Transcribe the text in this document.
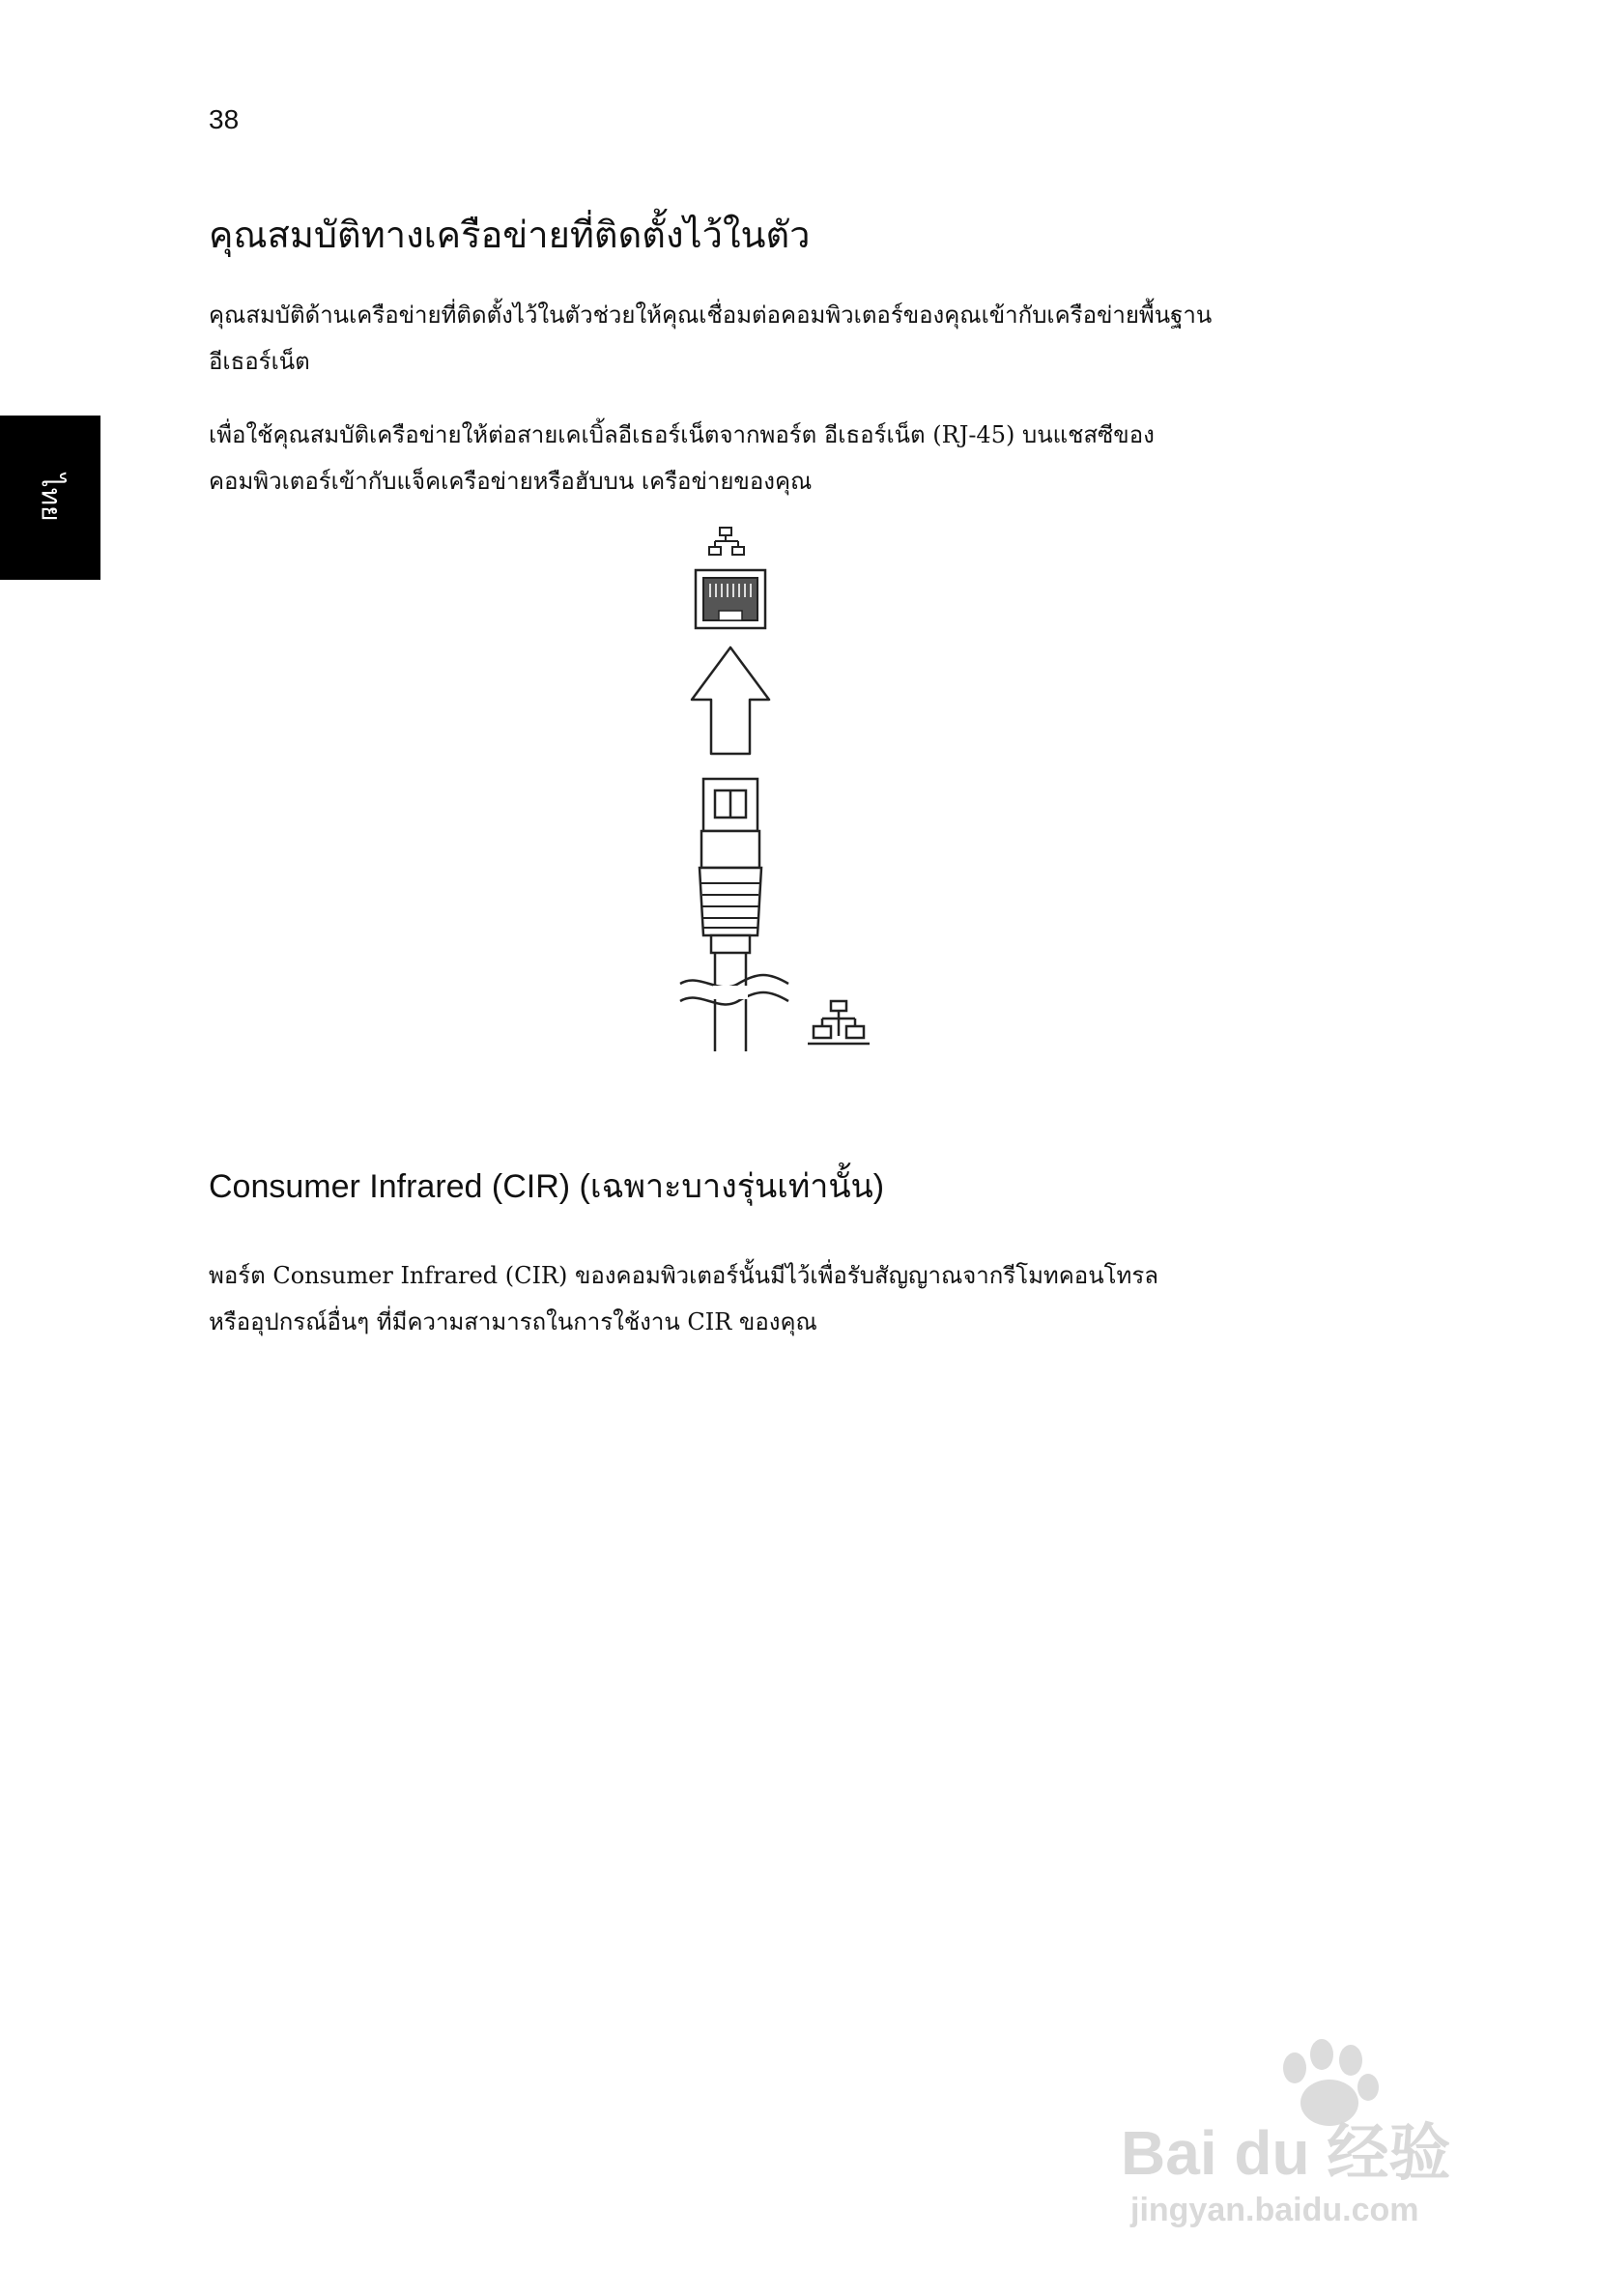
38
ไทย
คุณสมบัติทางเครือข่ายที่ติดตั้งไว้ในตัว
คุณสมบัติด้านเครือข่ายที่ติดตั้งไว้ในตัวช่วยให้คุณเชื่อมต่อคอมพิวเตอร์ของคุณเข้ากับเครือข่ายพื้นฐาน
อีเธอร์เน็ต
เพื่อใช้คุณสมบัติเครือข่ายให้ต่อสายเคเบิ้ลอีเธอร์เน็ตจากพอร์ต อีเธอร์เน็ต (RJ-45) บนแชสซีของ
คอมพิวเตอร์เข้ากับแจ็คเครือข่ายหรือฮับบน เครือข่ายของคุณ
Consumer Infrared (CIR) (เฉพาะบางรุ่นเท่านั้น)
พอร์ต Consumer Infrared (CIR) ของคอมพิวเตอร์นั้นมีไว้เพื่อรับสัญญาณจากรีโมทคอนโทรล
หรืออุปกรณ์อื่นๆ ที่มีความสามารถในการใช้งาน CIR ของคุณ
Bai du 经验
jingyan.baidu.com
